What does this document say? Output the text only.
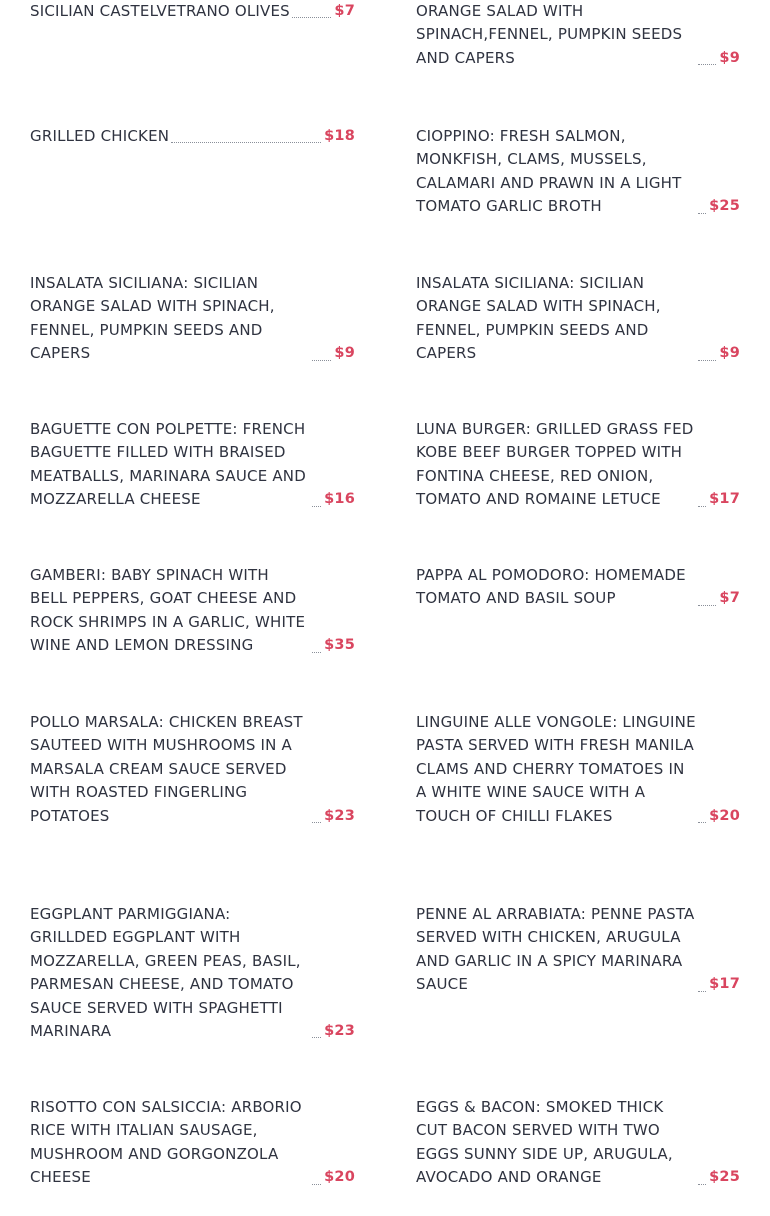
SICILIAN CASTELVETRANO OLIVES	$7	ORANGE SALAD WITH SPINACH,FENNEL, PUMPKIN SEEDS AND CAPERS	$9
GRILLED CHICKEN	$18	CIOPPINO: FRESH SALMON, MONKFISH, CLAMS, MUSSELS, CALAMARI AND PRAWN IN A LIGHT TOMATO GARLIC BROTH	$25
INSALATA SICILIANA: SICILIAN ORANGE SALAD WITH SPINACH, FENNEL, PUMPKIN SEEDS AND CAPERS	$9
INSALATA SICILIANA: SICILIAN ORANGE SALAD WITH SPINACH, FENNEL, PUMPKIN SEEDS AND CAPERS	$9
BAGUETTE CON POLPETTE: FRENCH BAGUETTE FILLED WITH BRAISED MEATBALLS, MARINARA SAUCE AND MOZZARELLA CHEESE	$16
LUNA BURGER: GRILLED GRASS FED KOBE BEEF BURGER TOPPED WITH FONTINA CHEESE, RED ONION, TOMATO AND ROMAINE LETUCE	$17
GAMBERI: BABY SPINACH WITH BELL PEPPERS, GOAT CHEESE AND ROCK SHRIMPS IN A GARLIC, WHITE WINE AND LEMON DRESSING	$35
PAPPA AL POMODORO: HOMEMADE TOMATO AND BASIL SOUP	$7
POLLO MARSALA: CHICKEN BREAST SAUTEED WITH MUSHROOMS IN A MARSALA CREAM SAUCE SERVED WITH ROASTED FINGERLING POTATOES	$23
LINGUINE ALLE VONGOLE: LINGUINE PASTA SERVED WITH FRESH MANILA CLAMS AND CHERRY TOMATOES IN A WHITE WINE SAUCE WITH A TOUCH OF CHILLI FLAKES	$20
EGGPLANT PARMIGGIANA: GRILLDED EGGPLANT WITH MOZZARELLA, GREEN PEAS, BASIL, PARMESAN CHEESE, AND TOMATO SAUCE SERVED WITH SPAGHETTI MARINARA	$23
PENNE AL ARRABIATA: PENNE PASTA SERVED WITH CHICKEN, ARUGULA AND GARLIC IN A SPICY MARINARA SAUCE	$17
RISOTTO CON SALSICCIA: ARBORIO RICE WITH ITALIAN SAUSAGE, MUSHROOM AND GORGONZOLA CHEESE	$20
EGGS & BACON: SMOKED THICK CUT BACON SERVED WITH TWO EGGS SUNNY SIDE UP, ARUGULA, AVOCADO AND ORANGE	$25
